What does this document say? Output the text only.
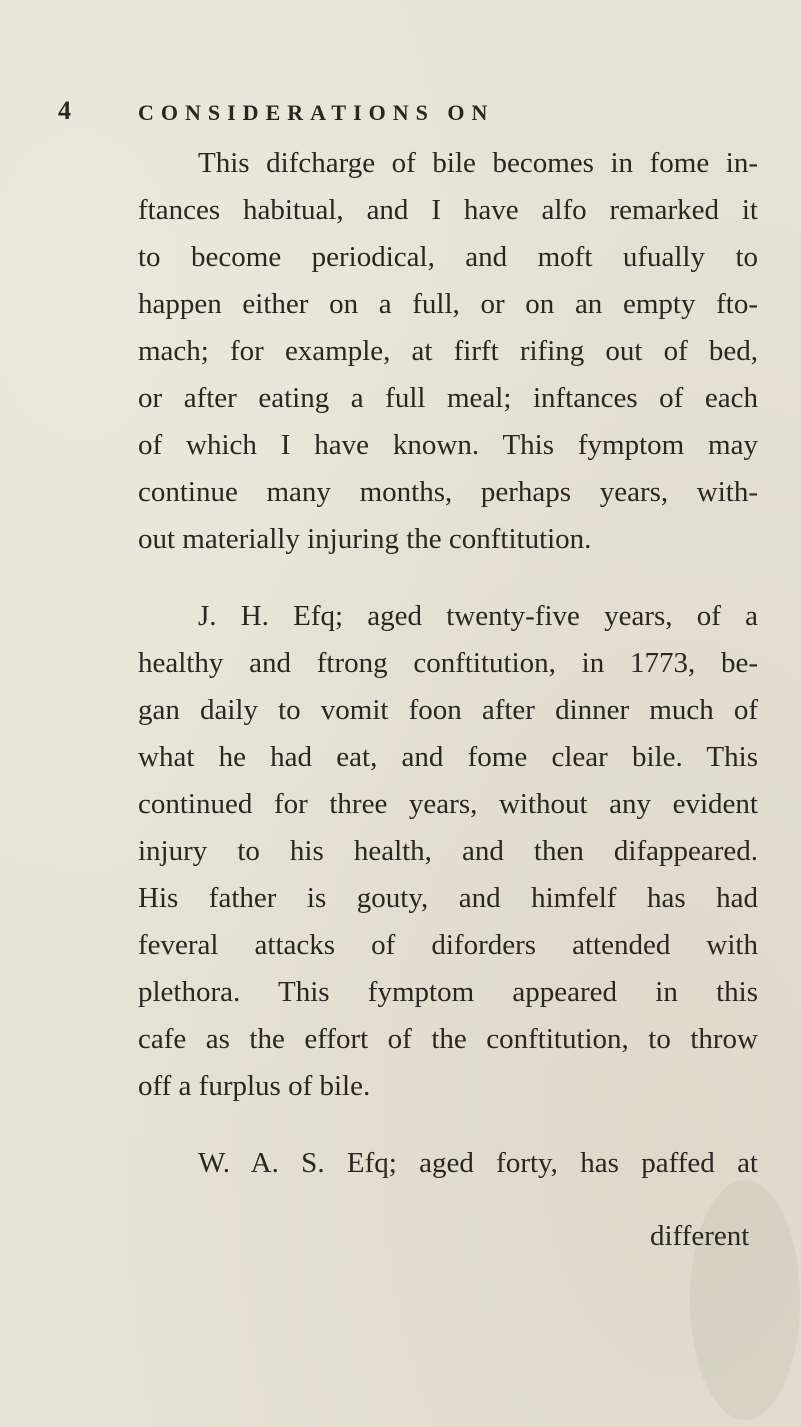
4	CONSIDERATIONS ON
This difcharge of bile becomes in fome in-
ftances habitual, and I have alfo remarked it
to become periodical, and moft ufually to
happen either on a full, or on an empty fto-
mach; for example, at firft rifing out of bed,
or after eating a full meal; inftances of each
of which I have known. This fymptom may
continue many months, perhaps years, with-
out materially injuring the conftitution.
J. H. Efq; aged twenty-five years, of a
healthy and ftrong conftitution, in 1773, be-
gan daily to vomit foon after dinner much of
what he had eat, and fome clear bile. This
continued for three years, without any evident
injury to his health, and then difappeared.
His father is gouty, and himfelf has had
feveral attacks of diforders attended with
plethora. This fymptom appeared in this
cafe as the effort of the conftitution, to throw
off a furplus of bile.
W. A. S. Efq; aged forty, has paffed at
different
